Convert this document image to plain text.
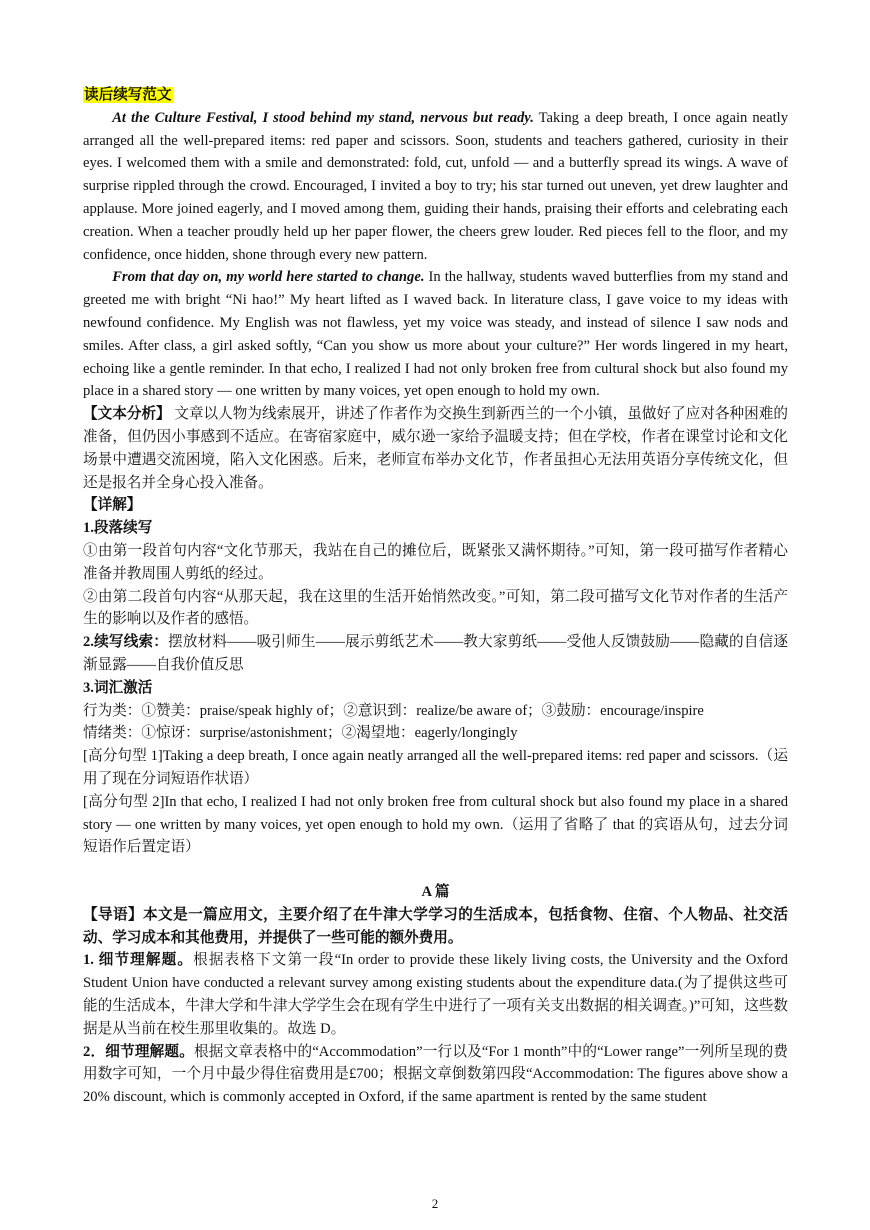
读后续写范文

At the Culture Festival, I stood behind my stand, nervous but ready. Taking a deep breath, I once again neatly arranged all the well-prepared items: red paper and scissors. Soon, students and teachers gathered, curiosity in their eyes. I welcomed them with a smile and demonstrated: fold, cut, unfold — and a butterfly spread its wings. A wave of surprise rippled through the crowd. Encouraged, I invited a boy to try; his star turned out uneven, yet drew laughter and applause. More joined eagerly, and I moved among them, guiding their hands, praising their efforts and celebrating each creation. When a teacher proudly held up her paper flower, the cheers grew louder. Red pieces fell to the floor, and my confidence, once hidden, shone through every new pattern.

From that day on, my world here started to change. In the hallway, students waved butterflies from my stand and greeted me with bright “Ni hao!” My heart lifted as I waved back. In literature class, I gave voice to my ideas with newfound confidence. My English was not flawless, yet my voice was steady, and instead of silence I saw nods and smiles. After class, a girl asked softly, “Can you show us more about your culture?” Her words lingered in my heart, echoing like a gentle reminder. In that echo, I realized I had not only broken free from cultural shock but also found my place in a shared story — one written by many voices, yet open enough to hold my own.

【文本分析】 文章以人物为线索展开，讲述了作者作为交换生到新西兰的一个小镇，虽做好了应对各种困难的准备，但仍因小事感到不适应。在寄宿家庭中，威尔逊一家给予温暖支持；但在学校，作者在课堂讨论和文化场景中遭遇交流困境，陷入文化困惑。后来，老师宣布举办文化节，作者虽担心无法用英语分享传统文化，但还是报名并全身心投入准备。

【详解】

1.段落续写

①由第一段首句内容“文化节那天，我站在自己的摊位后，既紧张又满怀期待。”可知，第一段可描写作者精心准备并教周围人剪纸的经过。

②由第二段首句内容“从那天起，我在这里的生活开始悄然改变。”可知，第二段可描写文化节对作者的生活产生的影响以及作者的感悟。

2.续写线索：摆放材料——吸引师生——展示剪纸艺术——教大家剪纸——受他人反馈鼓励——隐藏的自信逐渐显露——自我价值反思

3.词汇激活

行为类：①赞美：praise/speak highly of；②意识到：realize/be aware of；③鼓励：encourage/inspire

情绪类：①惊讶：surprise/astonishment；②渴望地：eagerly/longingly

[高分句型 1]Taking a deep breath, I once again neatly arranged all the well-prepared items: red paper and scissors.（运用了现在分词短语作状语）

[高分句型 2]In that echo, I realized I had not only broken free from cultural shock but also found my place in a shared story — one written by many voices, yet open enough to hold my own.（运用了省略了 that 的宾语从句，过去分词短语作后置定语）

A 篇

【导语】本文是一篇应用文，主要介绍了在牛津大学学习的生活成本，包括食物、住宿、个人物品、社交活动、学习成本和其他费用，并提供了一些可能的额外费用。

1. 细节理解题。根据表格下文第一段“In order to provide these likely living costs, the University and the Oxford Student Union have conducted a relevant survey among existing students about the expenditure data.(为了提供这些可能的生活成本，牛津大学和牛津大学学生会在现有学生中进行了一项有关支出数据的相关调查。)”可知，这些数据是从当前在校生那里收集的。故选 D。

2．细节理解题。根据文章表格中的“Accommodation”一行以及“For 1 month”中的“Lower range”一列所呈现的费用数字可知，一个月中最少得住宿费用是£700；根据文章倒数第四段“Accommodation: The figures above show a 20% discount, which is commonly accepted in Oxford, if the same apartment is rented by the same student

2
